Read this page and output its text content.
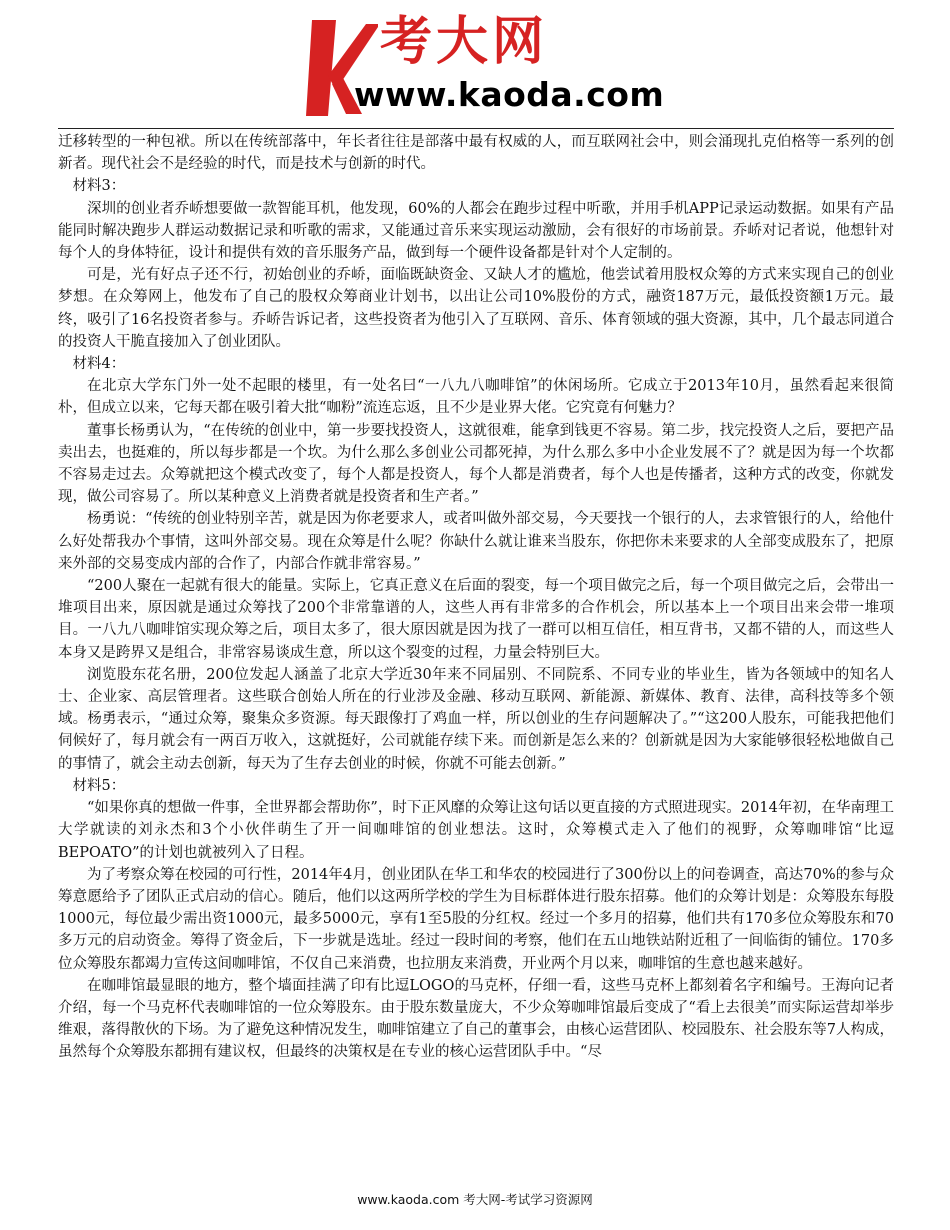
考大网
www.kaoda.com

迁移转型的一种包袱。所以在传统部落中，年长者往往是部落中最有权威的人，而互联网社会中，则会涌现扎克伯格等一系列的创新者。现代社会不是经验的时代，而是技术与创新的时代。

材料3：

深圳的创业者乔峤想要做一款智能耳机，他发现，60%的人都会在跑步过程中听歌，并用手机APP记录运动数据。如果有产品能同时解决跑步人群运动数据记录和听歌的需求，又能通过音乐来实现运动激励，会有很好的市场前景。乔峤对记者说，他想针对每个人的身体特征，设计和提供有效的音乐服务产品，做到每一个硬件设备都是针对个人定制的。

可是，光有好点子还不行，初始创业的乔峤，面临既缺资金、又缺人才的尴尬，他尝试着用股权众筹的方式来实现自己的创业梦想。在众筹网上，他发布了自己的股权众筹商业计划书，以出让公司10%股份的方式，融资187万元，最低投资额1万元。最终，吸引了16名投资者参与。乔峤告诉记者，这些投资者为他引入了互联网、音乐、体育领域的强大资源，其中，几个最志同道合的投资人干脆直接加入了创业团队。

材料4：

在北京大学东门外一处不起眼的楼里，有一处名曰“一八九八咖啡馆”的休闲场所。它成立于2013年10月，虽然看起来很简朴，但成立以来，它每天都在吸引着大批“咖粉”流连忘返，且不少是业界大佬。它究竟有何魅力？

董事长杨勇认为，“在传统的创业中，第一步要找投资人，这就很难，能拿到钱更不容易。第二步，找完投资人之后，要把产品卖出去，也挺难的，所以每步都是一个坎。为什么那么多创业公司都死掉，为什么那么多中小企业发展不了？就是因为每一个坎都不容易走过去。众筹就把这个模式改变了，每个人都是投资人，每个人都是消费者，每个人也是传播者，这种方式的改变，你就发现，做公司容易了。所以某种意义上消费者就是投资者和生产者。”

杨勇说：“传统的创业特别辛苦，就是因为你老要求人，或者叫做外部交易，今天要找一个银行的人，去求管银行的人，给他什么好处帮我办个事情，这叫外部交易。现在众筹是什么呢？你缺什么就让谁来当股东，你把你未来要求的人全部变成股东了，把原来外部的交易变成内部的合作了，内部合作就非常容易。”

“200人聚在一起就有很大的能量。实际上，它真正意义在后面的裂变，每一个项目做完之后，每一个项目做完之后，会带出一堆项目出来，原因就是通过众筹找了200个非常靠谱的人，这些人再有非常多的合作机会，所以基本上一个项目出来会带一堆项目。一八九八咖啡馆实现众筹之后，项目太多了，很大原因就是因为找了一群可以相互信任，相互背书，又都不错的人，而这些人本身又是跨界又是组合，非常容易谈成生意，所以这个裂变的过程，力量会特别巨大。

浏览股东花名册，200位发起人涵盖了北京大学近30年来不同届别、不同院系、不同专业的毕业生，皆为各领域中的知名人士、企业家、高层管理者。这些联合创始人所在的行业涉及金融、移动互联网、新能源、新媒体、教育、法律，高科技等多个领域。杨勇表示，“通过众筹，聚集众多资源。每天跟像打了鸡血一样，所以创业的生存问题解决了。”“这200人股东，可能我把他们伺候好了，每月就会有一两百万收入，这就挺好，公司就能存续下来。而创新是怎么来的？创新就是因为大家能够很轻松地做自己的事情了，就会主动去创新，每天为了生存去创业的时候，你就不可能去创新。”

材料5：

“如果你真的想做一件事，全世界都会帮助你”，时下正风靡的众筹让这句话以更直接的方式照进现实。2014年初，在华南理工大学就读的刘永杰和3个小伙伴萌生了开一间咖啡馆的创业想法。这时，众筹模式走入了他们的视野，众筹咖啡馆“比逗BEPOATO”的计划也就被列入了日程。

为了考察众筹在校园的可行性，2014年4月，创业团队在华工和华农的校园进行了300份以上的问卷调查，高达70%的参与众筹意愿给予了团队正式启动的信心。随后，他们以这两所学校的学生为目标群体进行股东招募。他们的众筹计划是：众筹股东每股1000元，每位最少需出资1000元，最多5000元，享有1至5股的分红权。经过一个多月的招募，他们共有170多位众筹股东和70多万元的启动资金。筹得了资金后，下一步就是选址。经过一段时间的考察，他们在五山地铁站附近租了一间临街的铺位。170多位众筹股东都竭力宣传这间咖啡馆，不仅自己来消费，也拉朋友来消费，开业两个月以来，咖啡馆的生意也越来越好。

在咖啡馆最显眼的地方，整个墙面挂满了印有比逗LOGO的马克杯，仔细一看，这些马克杯上都刻着名字和编号。王海向记者介绍，每一个马克杯代表咖啡馆的一位众筹股东。由于股东数量庞大，不少众筹咖啡馆最后变成了“看上去很美”而实际运营却举步维艰，落得散伙的下场。为了避免这种情况发生，咖啡馆建立了自己的董事会，由核心运营团队、校园股东、社会股东等7人构成，虽然每个众筹股东都拥有建议权，但最终的决策权是在专业的核心运营团队手中。“尽

www.kaoda.com 考大网-考试学习资源网
